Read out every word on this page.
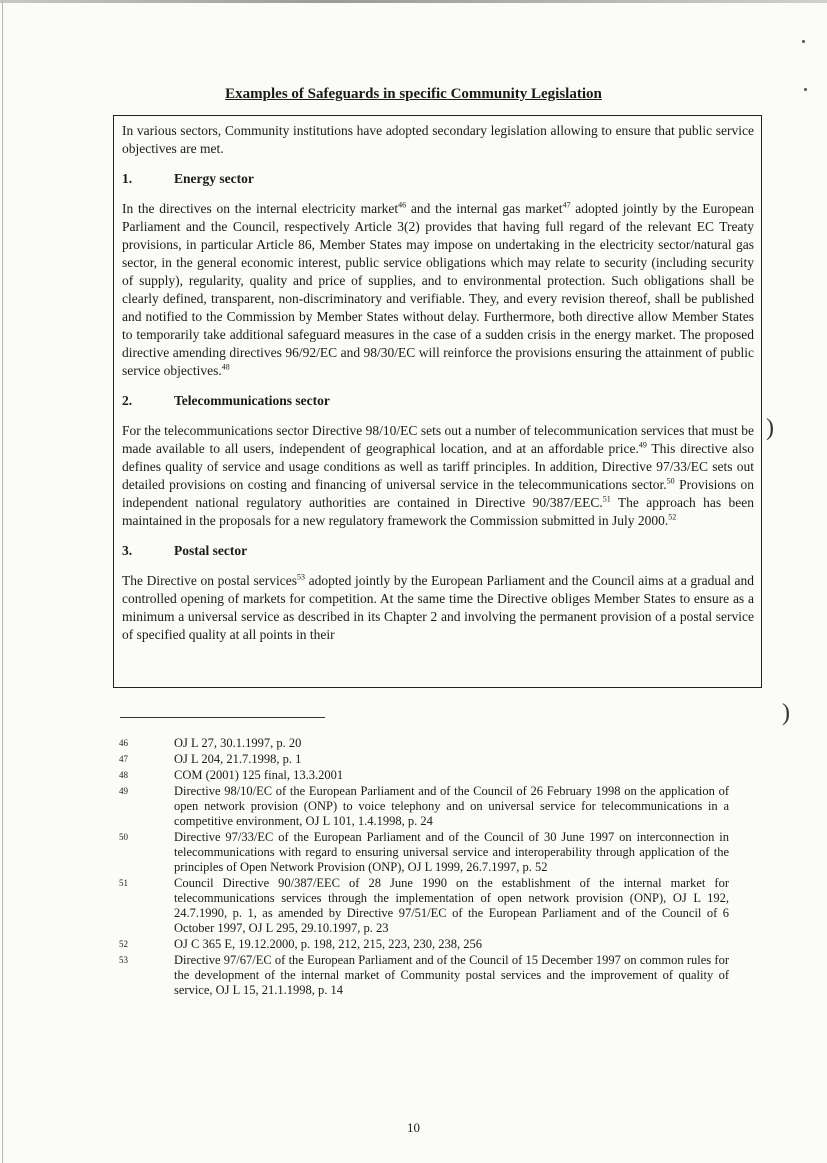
)
)
Examples of Safeguards in specific Community Legislation

In various sectors, Community institutions have adopted secondary legislation allowing to ensure that public service objectives are met.

1.	Energy sector

In the directives on the internal electricity market$^{46}$ and the internal gas market$^{47}$ adopted jointly by the European Parliament and the Council, respectively Article 3(2) provides that having full regard of the relevant EC Treaty provisions, in particular Article 86, Member States may impose on undertaking in the electricity sector/natural gas sector, in the general economic interest, public service obligations which may relate to security (including security of supply), regularity, quality and price of supplies, and to environmental protection. Such obligations shall be clearly defined, transparent, non-discriminatory and verifiable. They, and every revision thereof, shall be published and notified to the Commission by Member States without delay. Furthermore, both directive allow Member States to temporarily take additional safeguard measures in the case of a sudden crisis in the energy market. The proposed directive amending directives 96/92/EC and 98/30/EC will reinforce the provisions ensuring the attainment of public service objectives.$^{48}$

2.	Telecommunications sector

For the telecommunications sector Directive 98/10/EC sets out a number of telecommunication services that must be made available to all users, independent of geographical location, and at an affordable price.$^{49}$ This directive also defines quality of service and usage conditions as well as tariff principles. In addition, Directive 97/33/EC sets out detailed provisions on costing and financing of universal service in the telecommunications sector.$^{50}$ Provisions on independent national regulatory authorities are contained in Directive 90/387/EEC.$^{51}$ The approach has been maintained in the proposals for a new regulatory framework the Commission submitted in July 2000.52

3.	Postal sector

The Directive on postal services$^{53}$ adopted jointly by the European Parliament and the Council aims at a gradual and controlled opening of markets for competition. At the same time the Directive obliges Member States to ensure as a minimum a universal service as described in its Chapter 2 and involving the permanent provision of a postal service of specified quality at all points in their

46	OJ L 27, 30.1.1997, p. 20
47	OJ L 204, 21.7.1998, p. 1
48	COM (2001) 125 final, 13.3.2001
49	Directive 98/10/EC of the European Parliament and of the Council of 26 February 1998 on the application of open network provision (ONP) to voice telephony and on universal service for telecommunications in a competitive environment, OJ L 101, 1.4.1998, p. 24
50	Directive 97/33/EC of the European Parliament and of the Council of 30 June 1997 on interconnection in telecommunications with regard to ensuring universal service and interoperability through application of the principles of Open Network Provision (ONP), OJ L 1999, 26.7.1997, p. 52
51	Council Directive 90/387/EEC of 28 June 1990 on the establishment of the internal market for telecommunications services through the implementation of open network provision (ONP), OJ L 192, 24.7.1990, p. 1, as amended by Directive 97/51/EC of the European Parliament and of the Council of 6 October 1997, OJ L 295, 29.10.1997, p. 23
52	OJ C 365 E, 19.12.2000, p. 198, 212, 215, 223, 230, 238, 256
53	Directive 97/67/EC of the European Parliament and of the Council of 15 December 1997 on common rules for the development of the internal market of Community postal services and the improvement of quality of service, OJ L 15, 21.1.1998, p. 14
10
